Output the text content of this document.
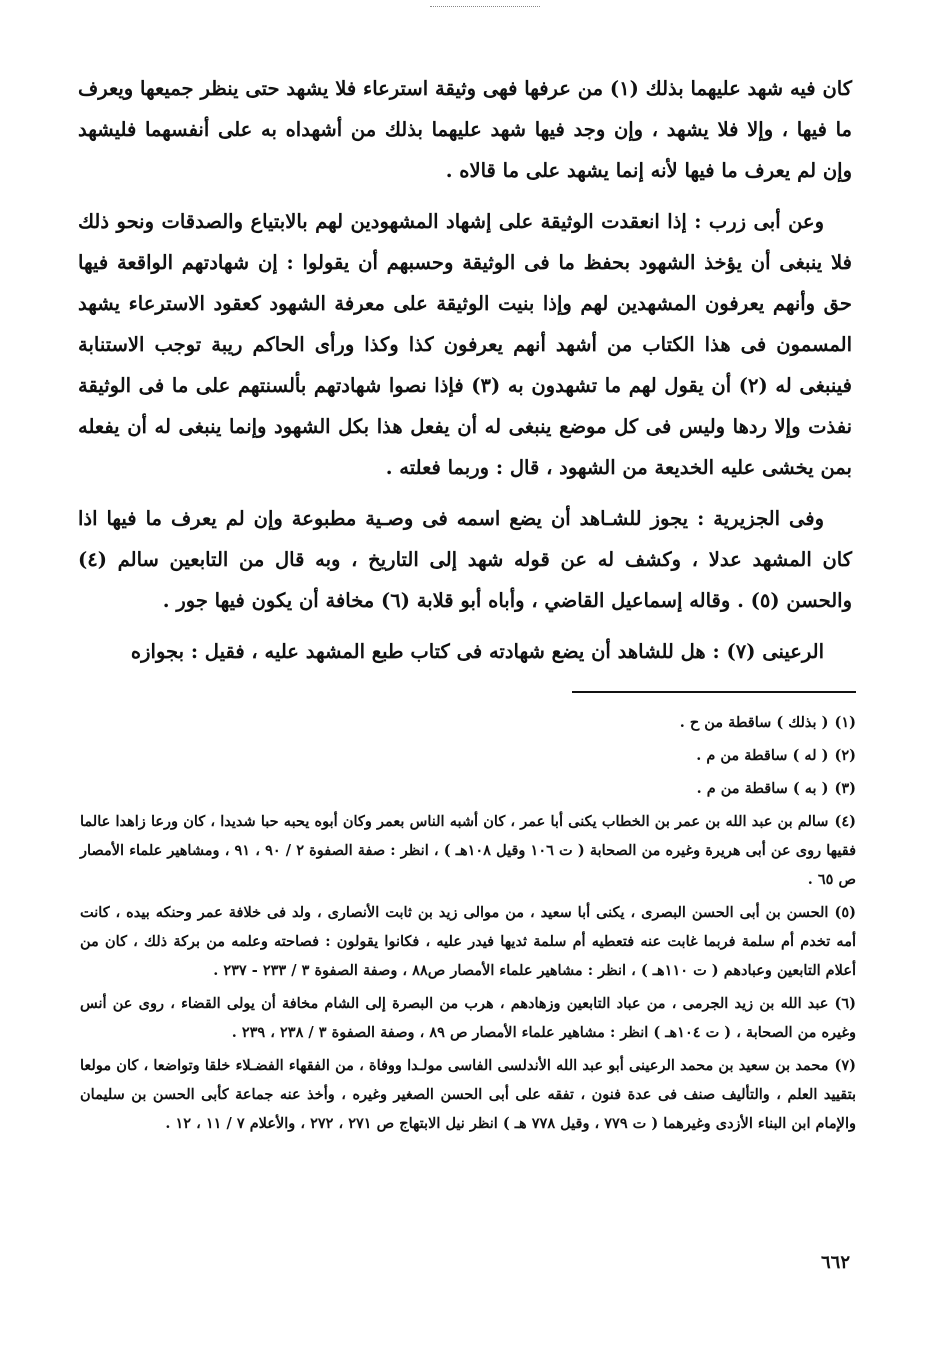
كان فيه شهد عليهما بذلك (١) من عرفها فهى وثيقة استرعاء فلا يشهد حتى ينظر جميعها ويعرف ما فيها ، وإلا فلا يشهد ، وإن وجد فيها شهد عليهما بذلك من أشهداه به على أنفسهما فليشهد وإن لم يعرف ما فيها لأنه إنما يشهد على ما قالاه .

وعن أبى زرب : إذا انعقدت الوثيقة على إشهاد المشهودين لهم بالابتياع والصدقات ونحو ذلك فلا ينبغى أن يؤخذ الشهود بحفظ ما فى الوثيقة وحسبهم أن يقولوا : إن شهادتهم الواقعة فيها حق وأنهم يعرفون المشهدين لهم وإذا بنيت الوثيقة على معرفة الشهود كعقود الاسترعاء يشهد المسمون فى هذا الكتاب من أشهد أنهم يعرفون كذا وكذا ورأى الحاكم ريبة توجب الاستنابة فينبغى له (٢) أن يقول لهم ما تشهدون به (٣) فإذا نصوا شهادتهم بألسنتهم على ما فى الوثيقة نفذت وإلا ردها وليس فى كل موضع ينبغى له أن يفعل هذا بكل الشهود وإنما ينبغى له أن يفعله بمن يخشى عليه الخديعة من الشهود ، قال : وربما فعلته .

وفى الجزيرية : يجوز للشـاهد أن يضع اسمه فى وصـية مطبوعة وإن لم يعرف ما فيها اذا كان المشهد عدلا ، وكشف له عن قوله شهد إلى التاريخ ، وبه قال من التابعين سالم (٤) والحسن (٥) . وقاله إسماعيل القاضي ، وأباه أبو قلابة (٦) مخافة أن يكون فيها جور .

الرعينى (٧) : هل للشاهد أن يضع شهادته فى كتاب طبع المشهد عليه ، فقيل : بجوازه

(١)( بذلك ) ساقطة من ح .
(٢)( له ) ساقطة من م .
(٣)( به ) ساقطة من م .
(٤)سالم بن عبد الله بن عمر بن الخطاب يكنى أبا عمر ، كان أشبه الناس بعمر وكان أبوه يحبه حبا شديدا ، كان ورعا زاهدا عالما فقيها روى عن أبى هريرة وغيره من الصحابة ( ت ١٠٦ وقيل ١٠٨هـ ) ، انظر : صفة الصفوة ٢ / ٩٠ ، ٩١ ، ومشاهير علماء الأمصار ص ٦٥ .
(٥)الحسن بن أبى الحسن البصرى ، يكنى أبا سعيد ، من موالى زيد بن ثابت الأنصارى ، ولد فى خلافة عمر وحنكه بيده ، كانت أمه تخدم أم سلمة فربما غابت عنه فتعطيه أم سلمة ثديها فيدر عليه ، فكانوا يقولون : فصاحته وعلمه من بركة ذلك ، كان من أعلام التابعين وعبادهم ( ت ١١٠هـ ) ، انظر : مشاهير علماء الأمصار ص٨٨ ، وصفة الصفوة ٣ / ٢٣٣ - ٢٣٧ .
(٦)عبد الله بن زيد الجرمى ، من عباد التابعين وزهادهم ، هرب من البصرة إلى الشام مخافة أن يولى القضاء ، روى عن أنس وغيره من الصحابة ، ( ت ١٠٤هـ ) انظر : مشاهير علماء الأمصار ص ٨٩ ، وصفة الصفوة ٣ / ٢٣٨ ، ٢٣٩ .
(٧)محمد بن سعيد بن محمد الرعينى أبو عبد الله الأندلسى الفاسى مولـدا ووفاة ، من الفقهاء الفضـلاء خلقا وتواضعا ، كان مولعا بتقييد العلم ، والتأليف صنف فى عدة فنون ، تفقه على أبى الحسن الصغير وغيره ، وأخذ عنه جماعة كأبى الحسن بن سليمان والإمام ابن البناء الأزدى وغيرهما ( ت ٧٧٩ ، وقيل ٧٧٨ هـ ) انظر نيل الابتهاج ص ٢٧١ ، ٢٧٢ ، والأعلام ٧ / ١١ ، ١٢ .
٦٦٢
